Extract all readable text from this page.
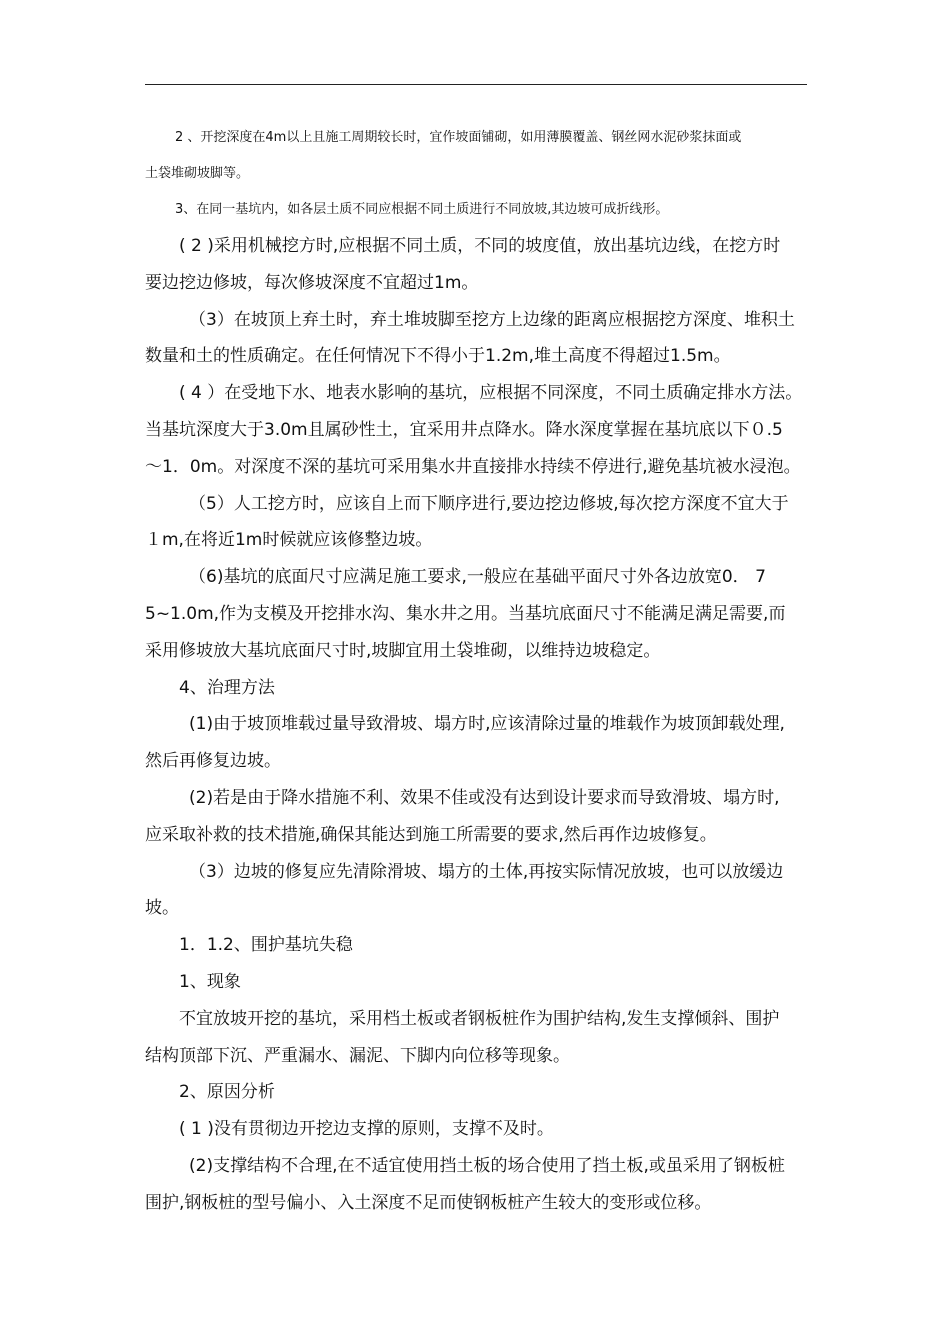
2 、开挖深度在4m以上且施工周期较长时，宜作坡面铺砌，如用薄膜覆盖、钢丝网水泥砂浆抹面或

土袋堆砌坡脚等。

3、在同一基坑内，如各层土质不同应根据不同土质进行不同放坡,其边坡可成折线形。

( 2 )采用机械挖方时,应根据不同土质，不同的坡度值，放出基坑边线，在挖方时
要边挖边修坡，每次修坡深度不宜超过1m。

（3）在坡顶上弃土时，弃土堆坡脚至挖方上边缘的距离应根据挖方深度、堆积土
数量和土的性质确定。在任何情况下不得小于1.2m,堆土高度不得超过1.5m。

( 4 ）在受地下水、地表水影响的基坑，应根据不同深度，不同土质确定排水方法。
当基坑深度大于3.0m且属砂性土，宜采用井点降水。降水深度掌握在基坑底以下０.5
～1．0m。对深度不深的基坑可采用集水井直接排水持续不停进行,避免基坑被水浸泡。

（5）人工挖方时，应该自上而下顺序进行,要边挖边修坡,每次挖方深度不宜大于
１m,在将近1m时候就应该修整边坡。

（6)基坑的底面尺寸应满足施工要求,一般应在基础平面尺寸外各边放宽0． 7
5~1.0m,作为支模及开挖排水沟、集水井之用。当基坑底面尺寸不能满足满足需要,而
采用修坡放大基坑底面尺寸时,坡脚宜用土袋堆砌，以维持边坡稳定。

4、治理方法

(1)由于坡顶堆载过量导致滑坡、塌方时,应该清除过量的堆载作为坡顶卸载处理,
然后再修复边坡。

(2)若是由于降水措施不利、效果不佳或没有达到设计要求而导致滑坡、塌方时,
应采取补救的技术措施,确保其能达到施工所需要的要求,然后再作边坡修复。

（3）边坡的修复应先清除滑坡、塌方的土体,再按实际情况放坡，也可以放缓边
坡。

1．1.2、围护基坑失稳

1、现象

不宜放坡开挖的基坑，采用档土板或者钢板桩作为围护结构,发生支撑倾斜、围护
结构顶部下沉、严重漏水、漏泥、下脚内向位移等现象。

2、原因分析

( 1 )没有贯彻边开挖边支撑的原则，支撑不及时。

(2)支撑结构不合理,在不适宜使用挡土板的场合使用了挡土板,或虽采用了钢板桩
围护,钢板桩的型号偏小、入土深度不足而使钢板桩产生较大的变形或位移。
